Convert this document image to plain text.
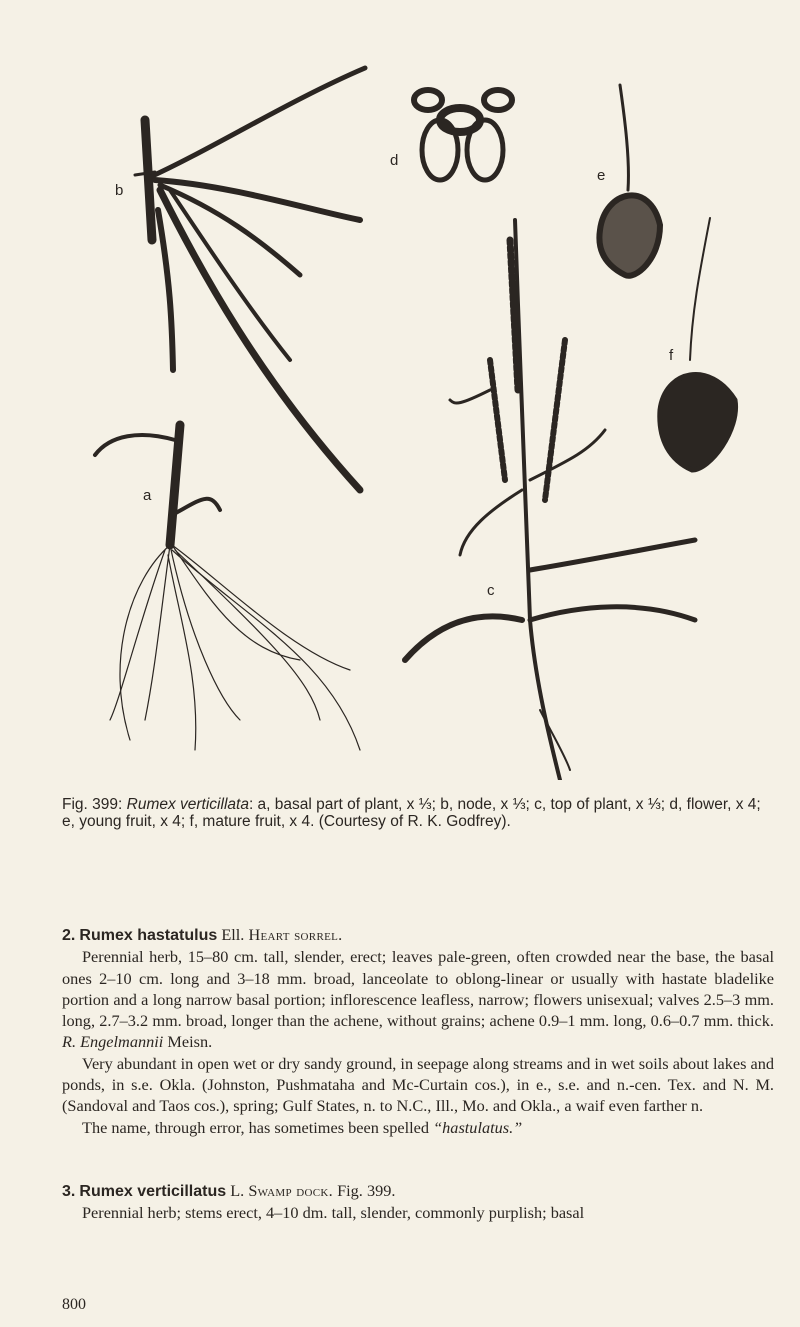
b
d
e
f
a
c
Fig. 399: Rumex verticillata: a, basal part of plant, x ⅓; b, node, x ⅓; c, top of plant, x ⅓; d, flower, x 4; e, young fruit, x 4; f, mature fruit, x 4. (Courtesy of R. K. Godfrey).

2. Rumex hastatulus Ell. Heart sorrel.

Perennial herb, 15–80 cm. tall, slender, erect; leaves pale-green, often crowded near the base, the basal ones 2–10 cm. long and 3–18 mm. broad, lanceolate to oblong-linear or usually with hastate bladelike portion and a long narrow basal portion; inflorescence leafless, narrow; flowers unisexual; valves 2.5–3 mm. long, 2.7–3.2 mm. broad, longer than the achene, without grains; achene 0.9–1 mm. long, 0.6–0.7 mm. thick. R. Engelmannii Meisn.

Very abundant in open wet or dry sandy ground, in seepage along streams and in wet soils about lakes and ponds, in s.e. Okla. (Johnston, Pushmataha and Mc-Curtain cos.), in e., s.e. and n.-cen. Tex. and N. M. (Sandoval and Taos cos.), spring; Gulf States, n. to N.C., Ill., Mo. and Okla., a waif even farther n.

The name, through error, has sometimes been spelled “hastulatus.”

3. Rumex verticillatus L. Swamp dock. Fig. 399.

Perennial herb; stems erect, 4–10 dm. tall, slender, commonly purplish; basal

800
